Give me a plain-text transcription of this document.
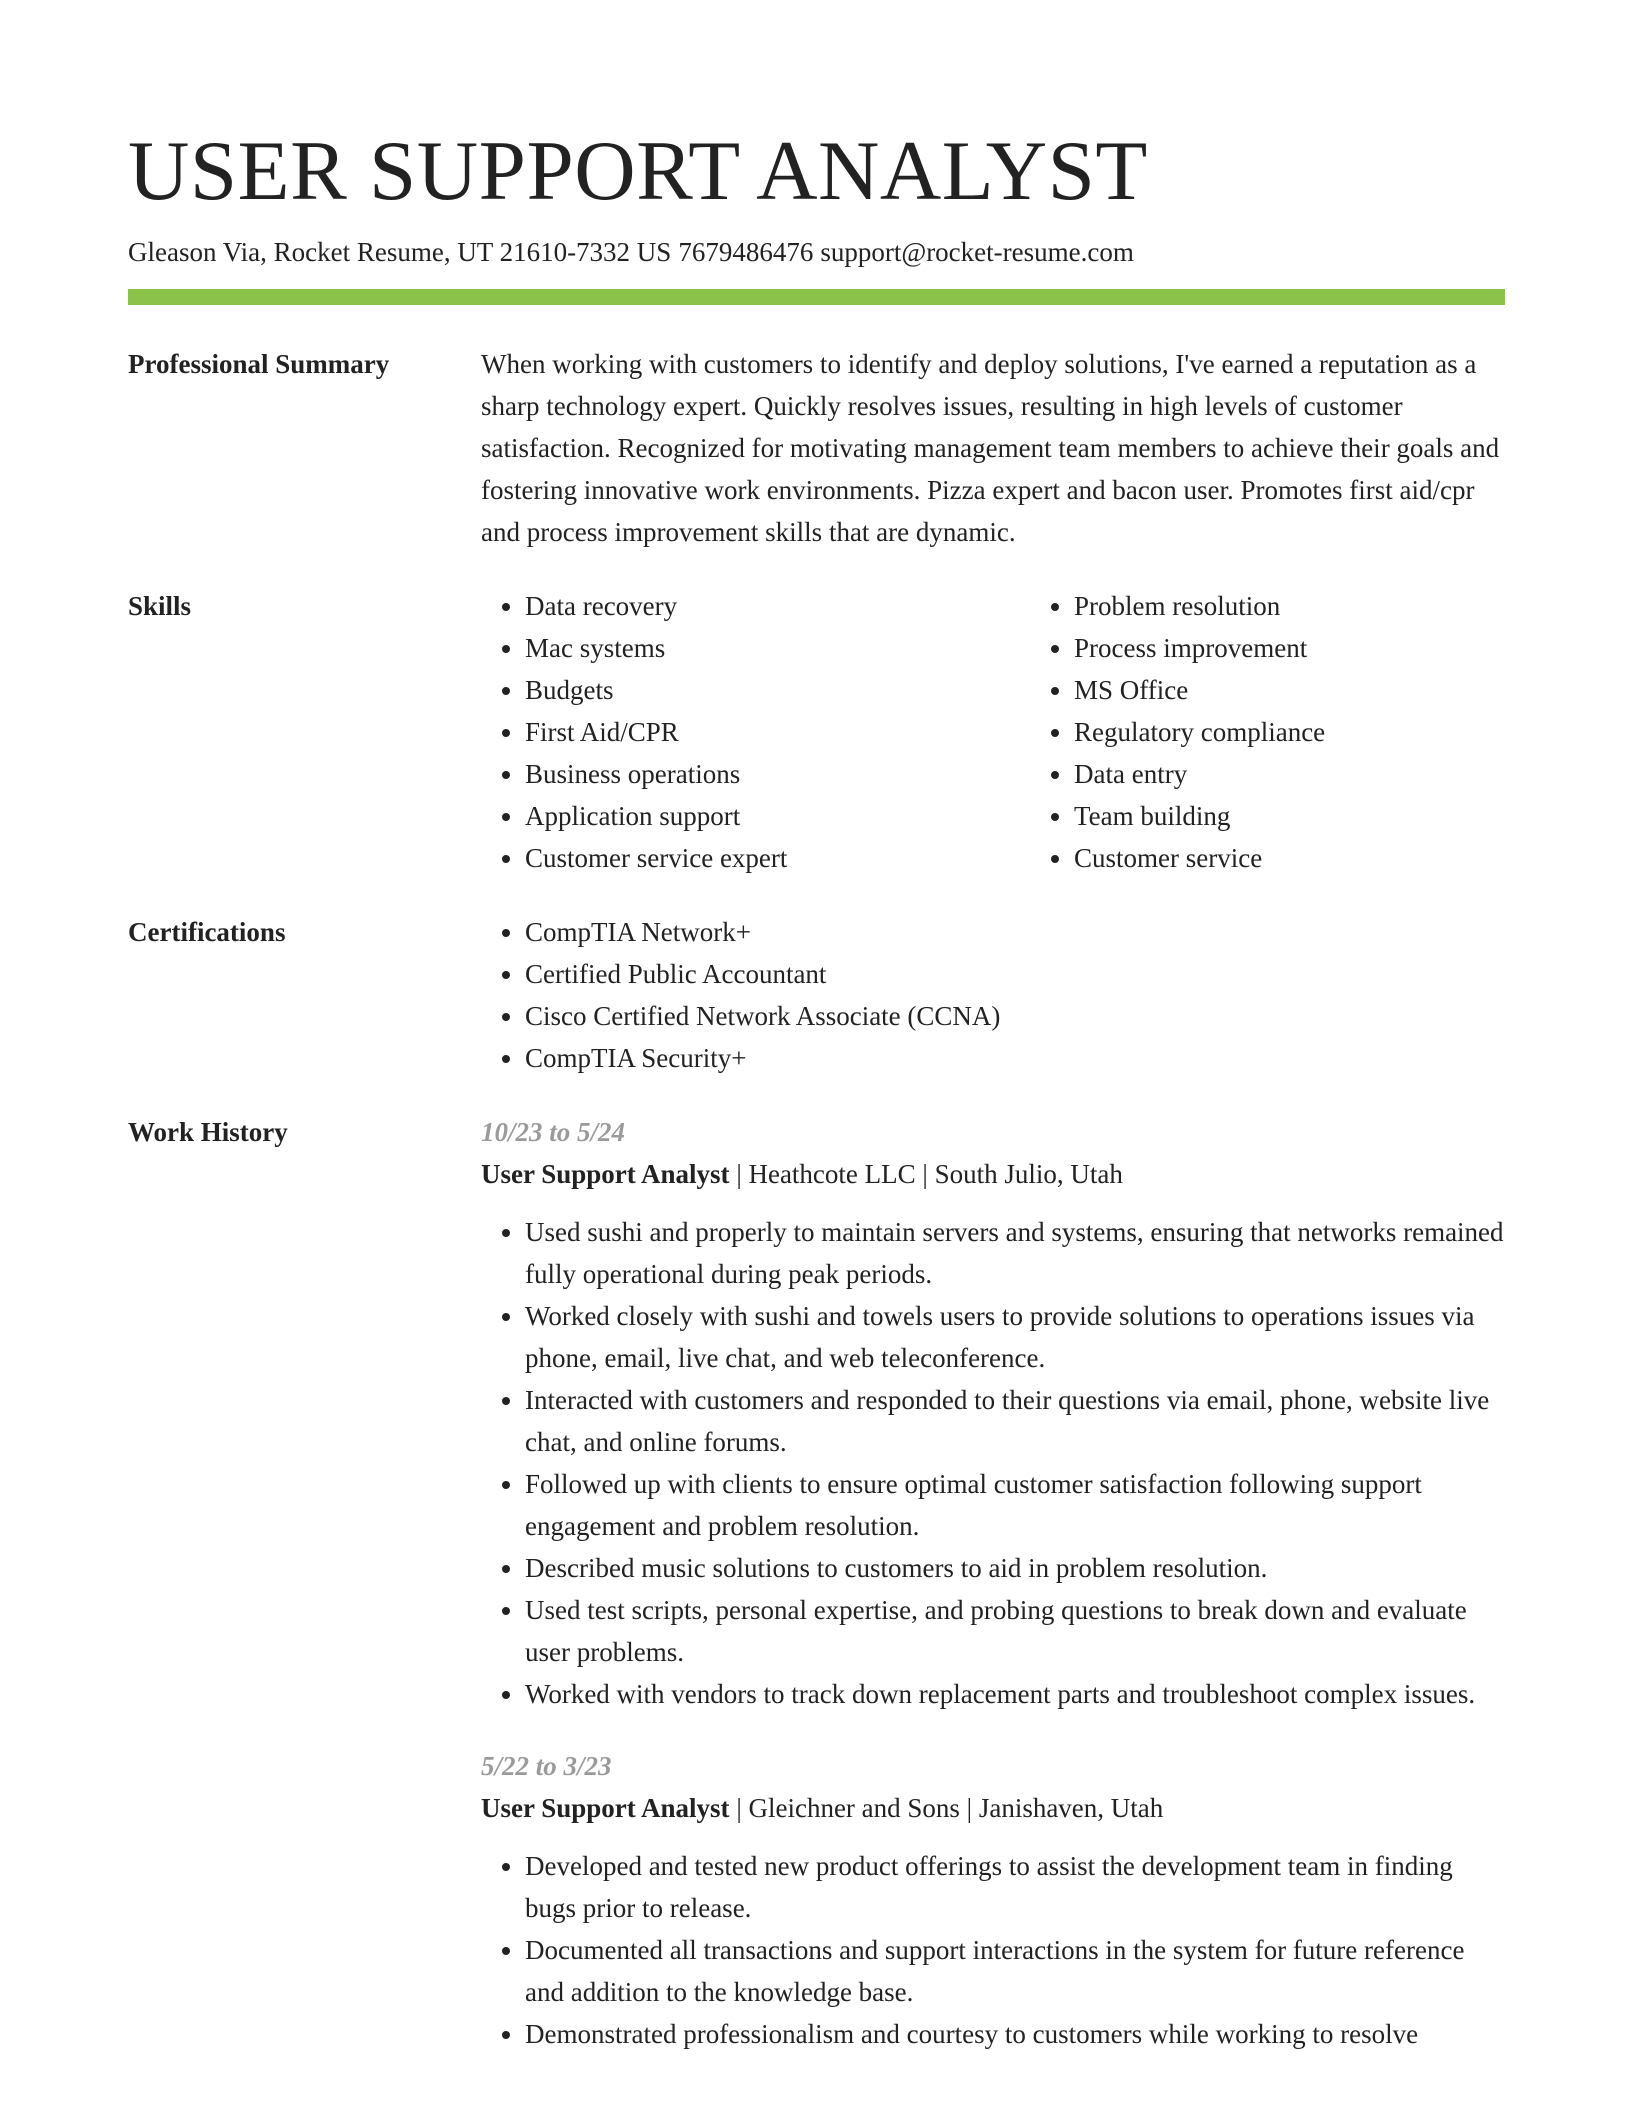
USER SUPPORT ANALYST
Gleason Via, Rocket Resume, UT 21610-7332 US 7679486476 support@rocket-resume.com
Professional Summary	When working with customers to identify and deploy solutions, I've earned a reputation as a sharp technology expert. Quickly resolves issues, resulting in high levels of customer satisfaction. Recognized for motivating management team members to achieve their goals and fostering innovative work environments. Pizza expert and bacon user. Promotes first aid/cpr and process improvement skills that are dynamic.
Skills	• Data recovery
• Mac systems
• Budgets
• First Aid/CPR
• Business operations
• Application support
• Customer service expert
• Problem resolution
• Process improvement
• MS Office
• Regulatory compliance
• Data entry
• Team building
• Customer service
Certifications	• CompTIA Network+
• Certified Public Accountant
• Cisco Certified Network Associate (CCNA)
• CompTIA Security+
Work History	10/23 to 5/24
User Support Analyst | Heathcote LLC | South Julio, Utah
• Used sushi and properly to maintain servers and systems, ensuring that networks remained fully operational during peak periods.
• Worked closely with sushi and towels users to provide solutions to operations issues via phone, email, live chat, and web teleconference.
• Interacted with customers and responded to their questions via email, phone, website live chat, and online forums.
• Followed up with clients to ensure optimal customer satisfaction following support engagement and problem resolution.
• Described music solutions to customers to aid in problem resolution.
• Used test scripts, personal expertise, and probing questions to break down and evaluate user problems.
• Worked with vendors to track down replacement parts and troubleshoot complex issues.
5/22 to 3/23
User Support Analyst | Gleichner and Sons | Janishaven, Utah
• Developed and tested new product offerings to assist the development team in finding bugs prior to release.
• Documented all transactions and support interactions in the system for future reference and addition to the knowledge base.
• Demonstrated professionalism and courtesy to customers while working to resolve
